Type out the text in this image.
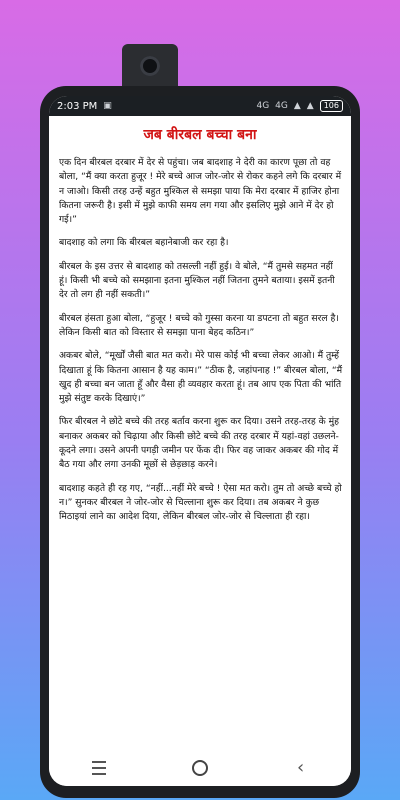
2:03 PM ▣	4G 4G ▲ ▲	106
जब बीरबल बच्चा बना

एक दिन बीरबल दरबार में देर से पहुंचा। जब बादशाह ने देरी का कारण पूछा तो वह बोला, “मैं क्या करता हुजूर ! मेरे बच्चे आज जोर-जोर से रोकर कहने लगे कि दरबार में न जाओ। किसी तरह उन्हें बहुत मुश्किल से समझा पाया कि मेरा दरबार में हाजिर होना कितना जरूरी है। इसी में मुझे काफी समय लग गया और इसलिए मुझे आने में देर हो गई।”

बादशाह को लगा कि बीरबल बहानेबाजी कर रहा है।

बीरबल के इस उत्तर से बादशाह को तसल्ली नहीं हुई। वे बोले, “मैं तुमसे सहमत नहीं हूं। किसी भी बच्चे को समझाना इतना मुश्किल नहीं जितना तुमने बताया। इसमें इतनी देर तो लग ही नहीं सकती।”

बीरबल हंसता हुआ बोला, “हुजूर ! बच्चे को गुस्सा करना या डपटना तो बहुत सरल है। लेकिन किसी बात को विस्तार से समझा पाना बेहद कठिन।”

अकबर बोले, “मूर्खों जैसी बात मत करो। मेरे पास कोई भी बच्चा लेकर आओ। मैं तुम्हें दिखाता हूं कि कितना आसान है यह काम।” “ठीक है, जहांपनाह !” बीरबल बोला, “मैं खुद ही बच्चा बन जाता हूँ और वैसा ही व्यवहार करता हूं। तब आप एक पिता की भांति मुझे संतुष्ट करके दिखाएं।”

फिर बीरबल ने छोटे बच्चे की तरह बर्ताव करना शुरू कर दिया। उसने तरह-तरह के मुंह बनाकर अकबर को चिढ़ाया और किसी छोटे बच्चे की तरह दरबार में यहां-वहां उछलने-कूदने लगा। उसने अपनी पगड़ी जमीन पर फेंक दी। फिर वह जाकर अकबर की गोद में बैठ गया और लगा उनकी मूछों से छेड़छाड़ करने।

बादशाह कहते ही रह गए, “नहीं...नहीं मेरे बच्चे ! ऐसा मत करो। तुम तो अच्छे बच्चे हो न।” सुनकर बीरबल ने जोर-जोर से चिल्लाना शुरू कर दिया। तब अकबर ने कुछ मिठाइयां लाने का आदेश दिया, लेकिन बीरबल जोर-जोर से चिल्लाता ही रहा।

‹
